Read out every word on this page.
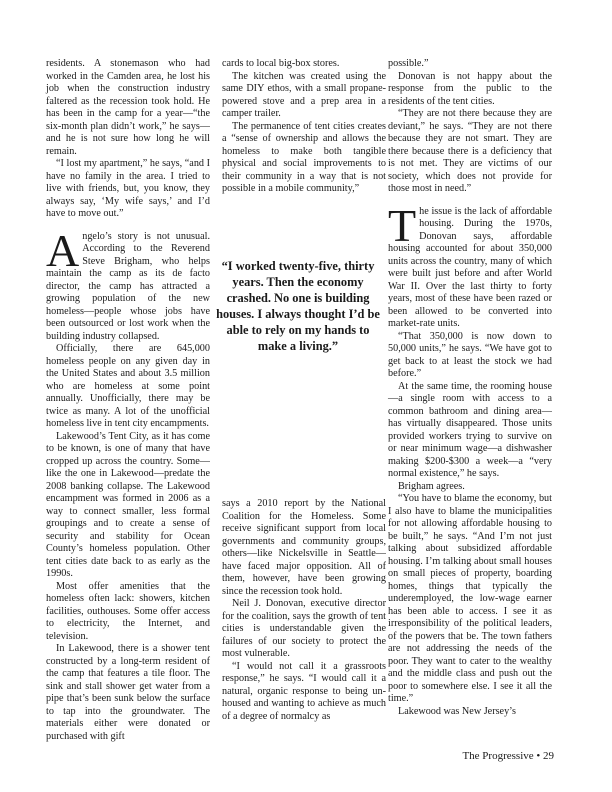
residents. A stonemason who had worked in the Camden area, he lost his job when the construction industry faltered as the recession took hold. He has been in the camp for a year—“the six-month plan didn’t work,” he says—and he is not sure how long he will remain.

“I lost my apartment,” he says, “and I have no family in the area. I tried to live with friends, but, you know, they always say, ‘My wife says,’ and I’d have to move out.”

Angelo’s story is not unusual. According to the Reverend Steve Brigham, who helps maintain the camp as its de facto director, the camp has attracted a growing population of the new homeless—people whose jobs have been outsourced or lost work when the building industry collapsed.

Officially, there are 645,000 homeless people on any given day in the United States and about 3.5 million who are homeless at some point annually. Unofficially, there may be twice as many. A lot of the unofficial homeless live in tent city encampments.

Lakewood’s Tent City, as it has come to be known, is one of many that have cropped up across the country. Some—like the one in Lakewood—predate the 2008 banking collapse. The Lakewood encampment was formed in 2006 as a way to connect smaller, less formal groupings and to create a sense of security and stability for Ocean County’s homeless population. Other tent cities date back to as early as the 1990s.

Most offer amenities that the homeless often lack: showers, kitchen facilities, outhouses. Some offer access to electricity, the Internet, and television.

In Lakewood, there is a shower tent constructed by a long-term resident of the camp that features a tile floor. The sink and stall shower get water from a pipe that’s been sunk below the surface to tap into the groundwater. The materials either were donated or purchased with gift

cards to local big-box stores.

The kitchen was created using the same DIY ethos, with a small propane-powered stove and a prep area in a camper trailer.

The permanence of tent cities creates a “sense of ownership and allows the homeless to make both tangible physical and social improvements to their community in a way that is not possible in a mobile community,”

“I worked twenty-five, thirty years. Then the economy crashed. No one is building houses. I always thought I’d be able to rely on my hands to make a living.”

says a 2010 report by the National Coalition for the Homeless. Some receive significant support from local governments and community groups, others—like Nickelsville in Seattle—have faced major opposition. All of them, however, have been growing since the recession took hold.

Neil J. Donovan, executive director for the coalition, says the growth of tent cities is understandable given the failures of our society to protect the most vulnerable.

“I would not call it a grassroots response,” he says. “I would call it a natural, organic response to being un-housed and wanting to achieve as much of a degree of normalcy as

possible.”

Donovan is not happy about the response from the public to the residents of the tent cities.

“They are not there because they are deviant,” he says. “They are not there because they are not smart. They are there because there is a deficiency that is not met. They are victims of our society, which does not provide for those most in need.”

The issue is the lack of affordable housing. During the 1970s, Donovan says, affordable housing accounted for about 350,000 units across the country, many of which were built just before and after World War II. Over the last thirty to forty years, most of these have been razed or been allowed to be converted into market-rate units.

“That 350,000 is now down to 50,000 units,” he says. “We have got to get back to at least the stock we had before.”

At the same time, the rooming house—a single room with access to a common bathroom and dining area—has virtually disappeared. Those units provided workers trying to survive on or near minimum wage—a dishwasher making $200-$300 a week—a “very normal existence,” he says.

Brigham agrees.

“You have to blame the economy, but I also have to blame the municipalities for not allowing affordable housing to be built,” he says. “And I’m not just talking about subsidized affordable housing. I’m talking about small houses on small pieces of property, boarding homes, things that typically the underemployed, the low-wage earner has been able to access. I see it as irresponsibility of the political leaders, of the powers that be. The town fathers are not addressing the needs of the poor. They want to cater to the wealthy and the middle class and push out the poor to somewhere else. I see it all the time.”

Lakewood was New Jersey’s

The Progressive • 29
